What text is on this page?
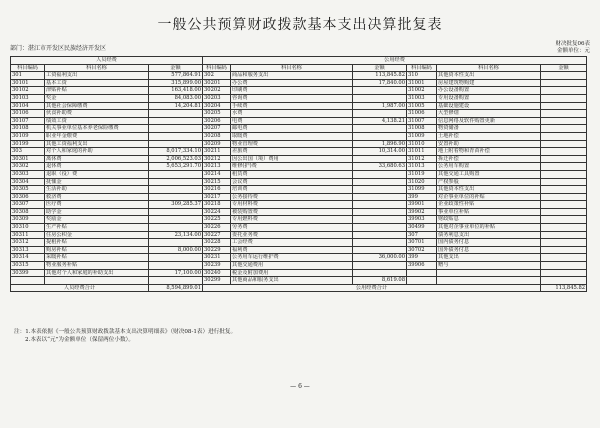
一般公共预算财政拨款基本支出决算批复表
部门：湛江市开发区民族经济开发区
财决批复06表
金额单位：元
人员经费			公用经费					
科目编码	科目名称	金额	科目编码	科目名称	金额	科目编码	科目名称	金额
301	工资福利支出	577,864.91	302	商品和服务支出	113,845.82	310	其他资本性支出	
30101	基本工资	315,899.00	30201	办公费	17,840.00	31001	房屋建筑物购建	
30102	津贴补贴	163,418.00	30202	印刷费		31002	办公设备购置	
30103	奖金	84,083.00	30203	咨询费		31003	专用设备购置	
30104	其他社会保障缴费	14,204.81	30204	手续费	1,987.00	31005	基础设施建设	
30106	伙食补助费		30205	水费		31006	大型修缮	
30107	绩效工资		30206	电费	4,138.21	31007	信息网络及软件购置更新	
30108	机关事业单位基本养老保险缴费		30207	邮电费		31008	物资储备	
30109	职业年金缴费		30208	取暖费		31009	土地补偿	
30199	其他工资福利支出		30209	物业管理费	1,896.90	31010	安置补助	
303	对个人和家庭的补助	8,017,334.10	30211	差旅费	10,314.00	31011	地上附着物和青苗补偿	
30301	离休费	2,006,523.03	30212	因公出国（境）费用		31012	拆迁补偿	
30302	退休费	5,653,291.70	30213	维修(护)费	33,680.63	31013	公务用车购置	
30303	退职（役）费		30214	租赁费		31019	其他交通工具购置	
30304	抚恤金		30215	会议费		31020	产权参股	
30305	生活补助		30216	培训费		31099	其他资本性支出	
30306	救济费		30217	公务接待费		399	对企事业单位的补贴	
30307	医疗费	309,285.37	30218	专用材料费		39901	企业政策性补贴	
30308	助学金		30224	被装购置费		39902	事业单位补贴	
30309	奖励金		30225	专用燃料费		39903	财政贴息	
30310	生产补贴		30226	劳务费		30499	其他对企事业单位的补贴	
30311	住房公积金	23,134.00	30227	委托业务费		307	债务利息支出	
30312	提租补贴		30228	工会经费		30701	国内债务付息	
30313	购房补贴	8,000.00	30229	福利费		30702	国外债务付息	
30314	采暖补贴		30231	公务用车运行维护费	36,000.00	399	其他支出	
30315	物业服务补贴		30239	其他交通费用		39906	赠与	
30399	其他对个人和家庭的补助支出	17,100.00	30240	税金及附加费用				
			30299	其他商品和服务支出	8,619.08			
人员经费合计		8,594,899.01	公用经费合计					113,845.82
注：1.本表依据《一般公共预算财政拨款基本支出决算明细表》（财决08-1表）进行批复。
2.本表以“元”为金额单位（保留两位小数）。
— 6 —
